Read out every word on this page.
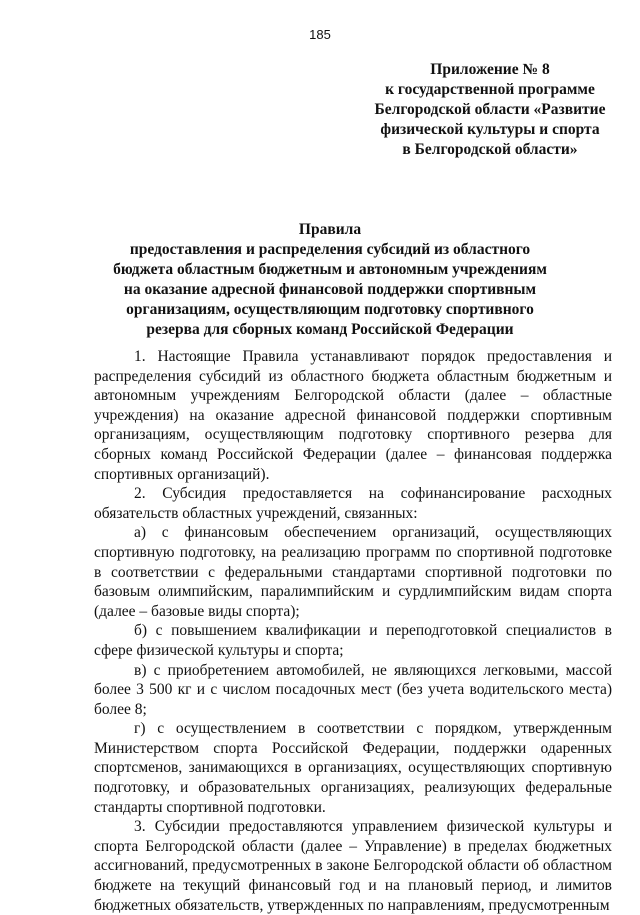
185
Приложение № 8
к государственной программе
Белгородской области «Развитие
физической культуры и спорта
в Белгородской области»
Правила
предоставления и распределения субсидий из областного
бюджета областным бюджетным и автономным учреждениям
на оказание адресной финансовой поддержки спортивным
организациям, осуществляющим подготовку спортивного
резерва для сборных команд Российской Федерации

1. Настоящие Правила устанавливают порядок предоставления и распределения субсидий из областного бюджета областным бюджетным и автономным учреждениям Белгородской области (далее – областные учреждения) на оказание адресной финансовой поддержки спортивным организациям, осуществляющим подготовку спортивного резерва для сборных команд Российской Федерации (далее – финансовая поддержка спортивных организаций).

2. Субсидия предоставляется на софинансирование расходных обязательств областных учреждений, связанных:

а) с финансовым обеспечением организаций, осуществляющих спортивную подготовку, на реализацию программ по спортивной подготовке в соответствии с федеральными стандартами спортивной подготовки по базовым олимпийским, паралимпийским и сурдлимпийским видам спорта (далее – базовые виды спорта);

б) с повышением квалификации и переподготовкой специалистов в сфере физической культуры и спорта;

в) с приобретением автомобилей, не являющихся легковыми, массой более 3 500 кг и с числом посадочных мест (без учета водительского места) более 8;

г) с осуществлением в соответствии с порядком, утвержденным Министерством спорта Российской Федерации, поддержки одаренных спортсменов, занимающихся в организациях, осуществляющих спортивную подготовку, и образовательных организациях, реализующих федеральные стандарты спортивной подготовки.

3. Субсидии предоставляются управлением физической культуры и спорта Белгородской области (далее – Управление) в пределах бюджетных ассигнований, предусмотренных в законе Белгородской области об областном бюджете на текущий финансовый год и на плановый период, и лимитов бюджетных обязательств, утвержденных по направлениям, предусмотренным
